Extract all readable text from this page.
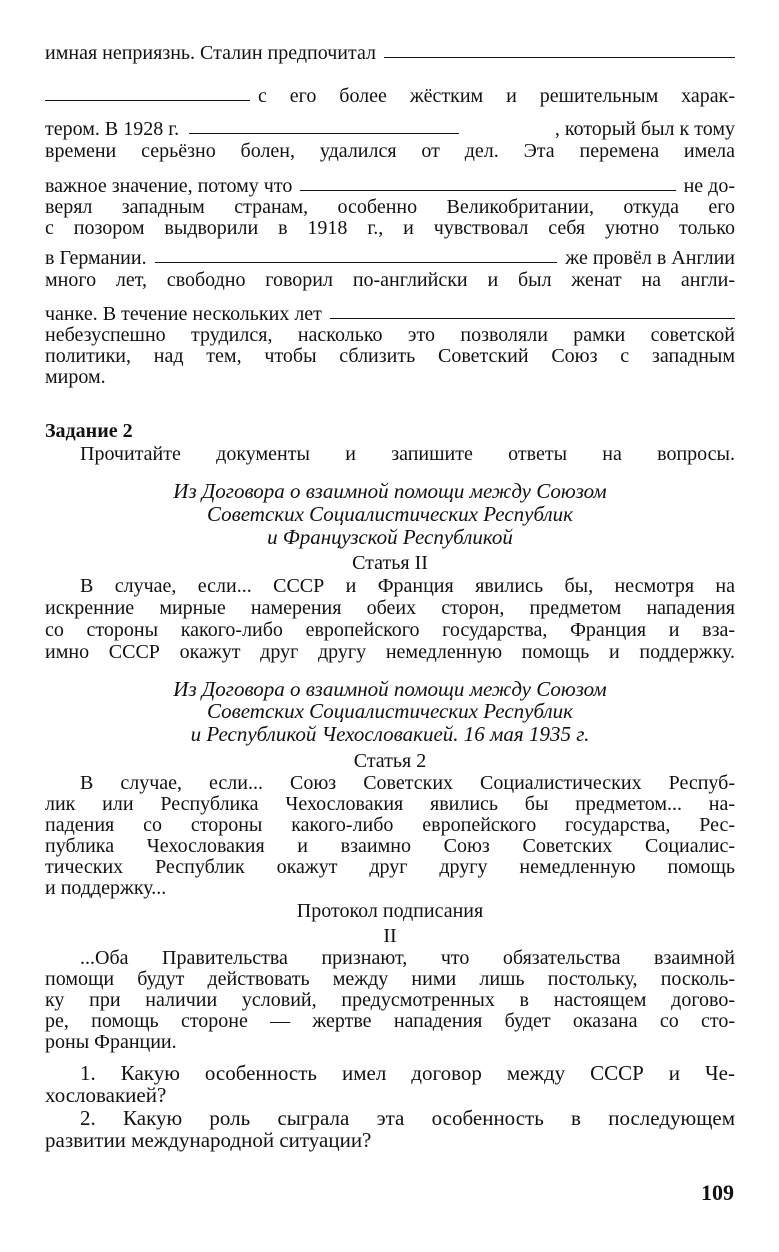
имная неприязнь. Сталин предпочитал
с его более жёстким и решительным харак-
тером. В 1928 г.	, который был к тому
времени серьёзно болен, удалился от дел. Эта перемена имела
важное значение, потому что	не до-
верял западным странам, особенно Великобритании, откуда его
с позором выдворили в 1918 г., и чувствовал себя уютно только
в Германии.	же провёл в Англии
много лет, свободно говорил по-английски и был женат на англи-
чанке. В течение нескольких лет
небезуспешно трудился, насколько это позволяли рамки советской
политики, над тем, чтобы сблизить Советский Союз с западным
миром.
Задание 2
Прочитайте документы и запишите ответы на вопросы.
Из Договора о взаимной помощи между Союзом
Советских Социалистических Республик
и Французской Республикой
Статья II
В случае, если... СССР и Франция явились бы, несмотря на
искренние мирные намерения обеих сторон, предметом нападения
со стороны какого-либо европейского государства, Франция и вза-
имно СССР окажут друг другу немедленную помощь и поддержку.
Из Договора о взаимной помощи между Союзом
Советских Социалистических Республик
и Республикой Чехословакией. 16 мая 1935 г.
Статья 2
В случае, если... Союз Советских Социалистических Респуб-
лик или Республика Чехословакия явились бы предметом... на-
падения со стороны какого-либо европейского государства, Рес-
публика Чехословакия и взаимно Союз Советских Социалис-
тических Республик окажут друг другу немедленную помощь
и поддержку...
Протокол подписания
II
...Оба Правительства признают, что обязательства взаимной
помощи будут действовать между ними лишь постольку, посколь-
ку при наличии условий, предусмотренных в настоящем догово-
ре, помощь стороне — жертве нападения будет оказана со сто-
роны Франции.
1. Какую особенность имел договор между СССР и Че-
хословакией?
2. Какую роль сыграла эта особенность в последующем
развитии международной ситуации?
109
